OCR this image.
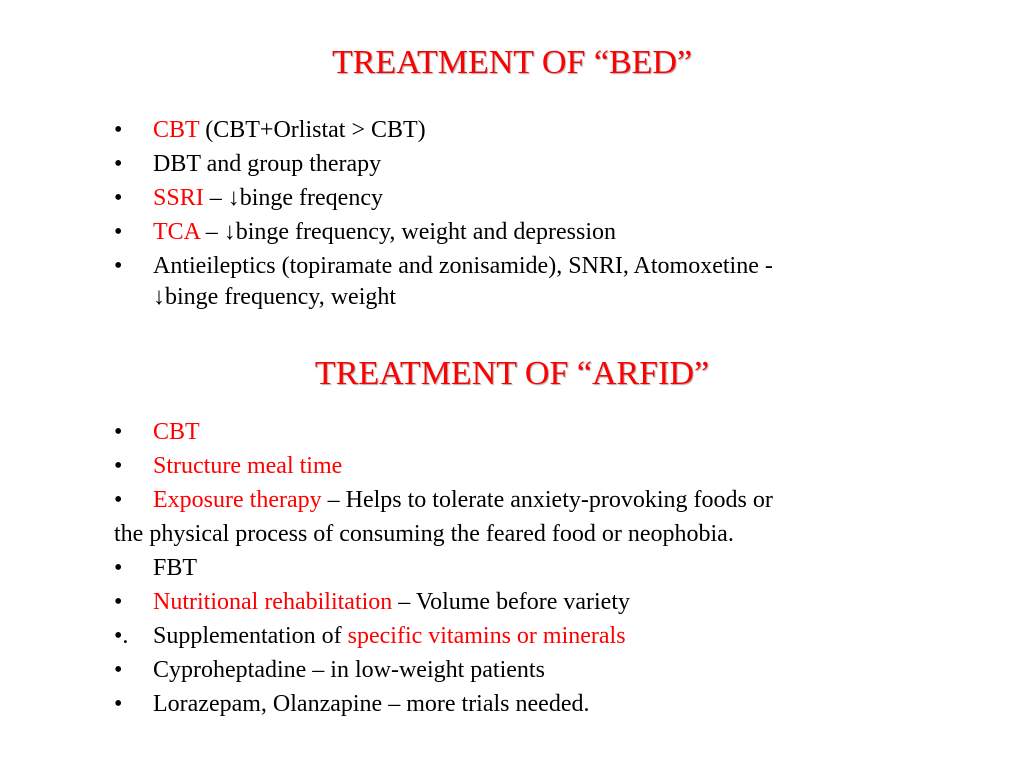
TREATMENT OF “BED”
• CBT (CBT+Orlistat > CBT)
• DBT and group therapy
• SSRI – ↓binge freqency
• TCA – ↓binge frequency, weight and depression
• Antieileptics (topiramate and zonisamide), SNRI, Atomoxetine -
↓binge frequency, weight
TREATMENT OF “ARFID”
• CBT
• Structure meal time
• Exposure therapy – Helps to tolerate anxiety-provoking foods or
the physical process of consuming the feared food or neophobia.
• FBT
• Nutritional rehabilitation – Volume before variety
•. Supplementation of specific vitamins or minerals
• Cyproheptadine – in low-weight patients
• Lorazepam, Olanzapine – more trials needed.
